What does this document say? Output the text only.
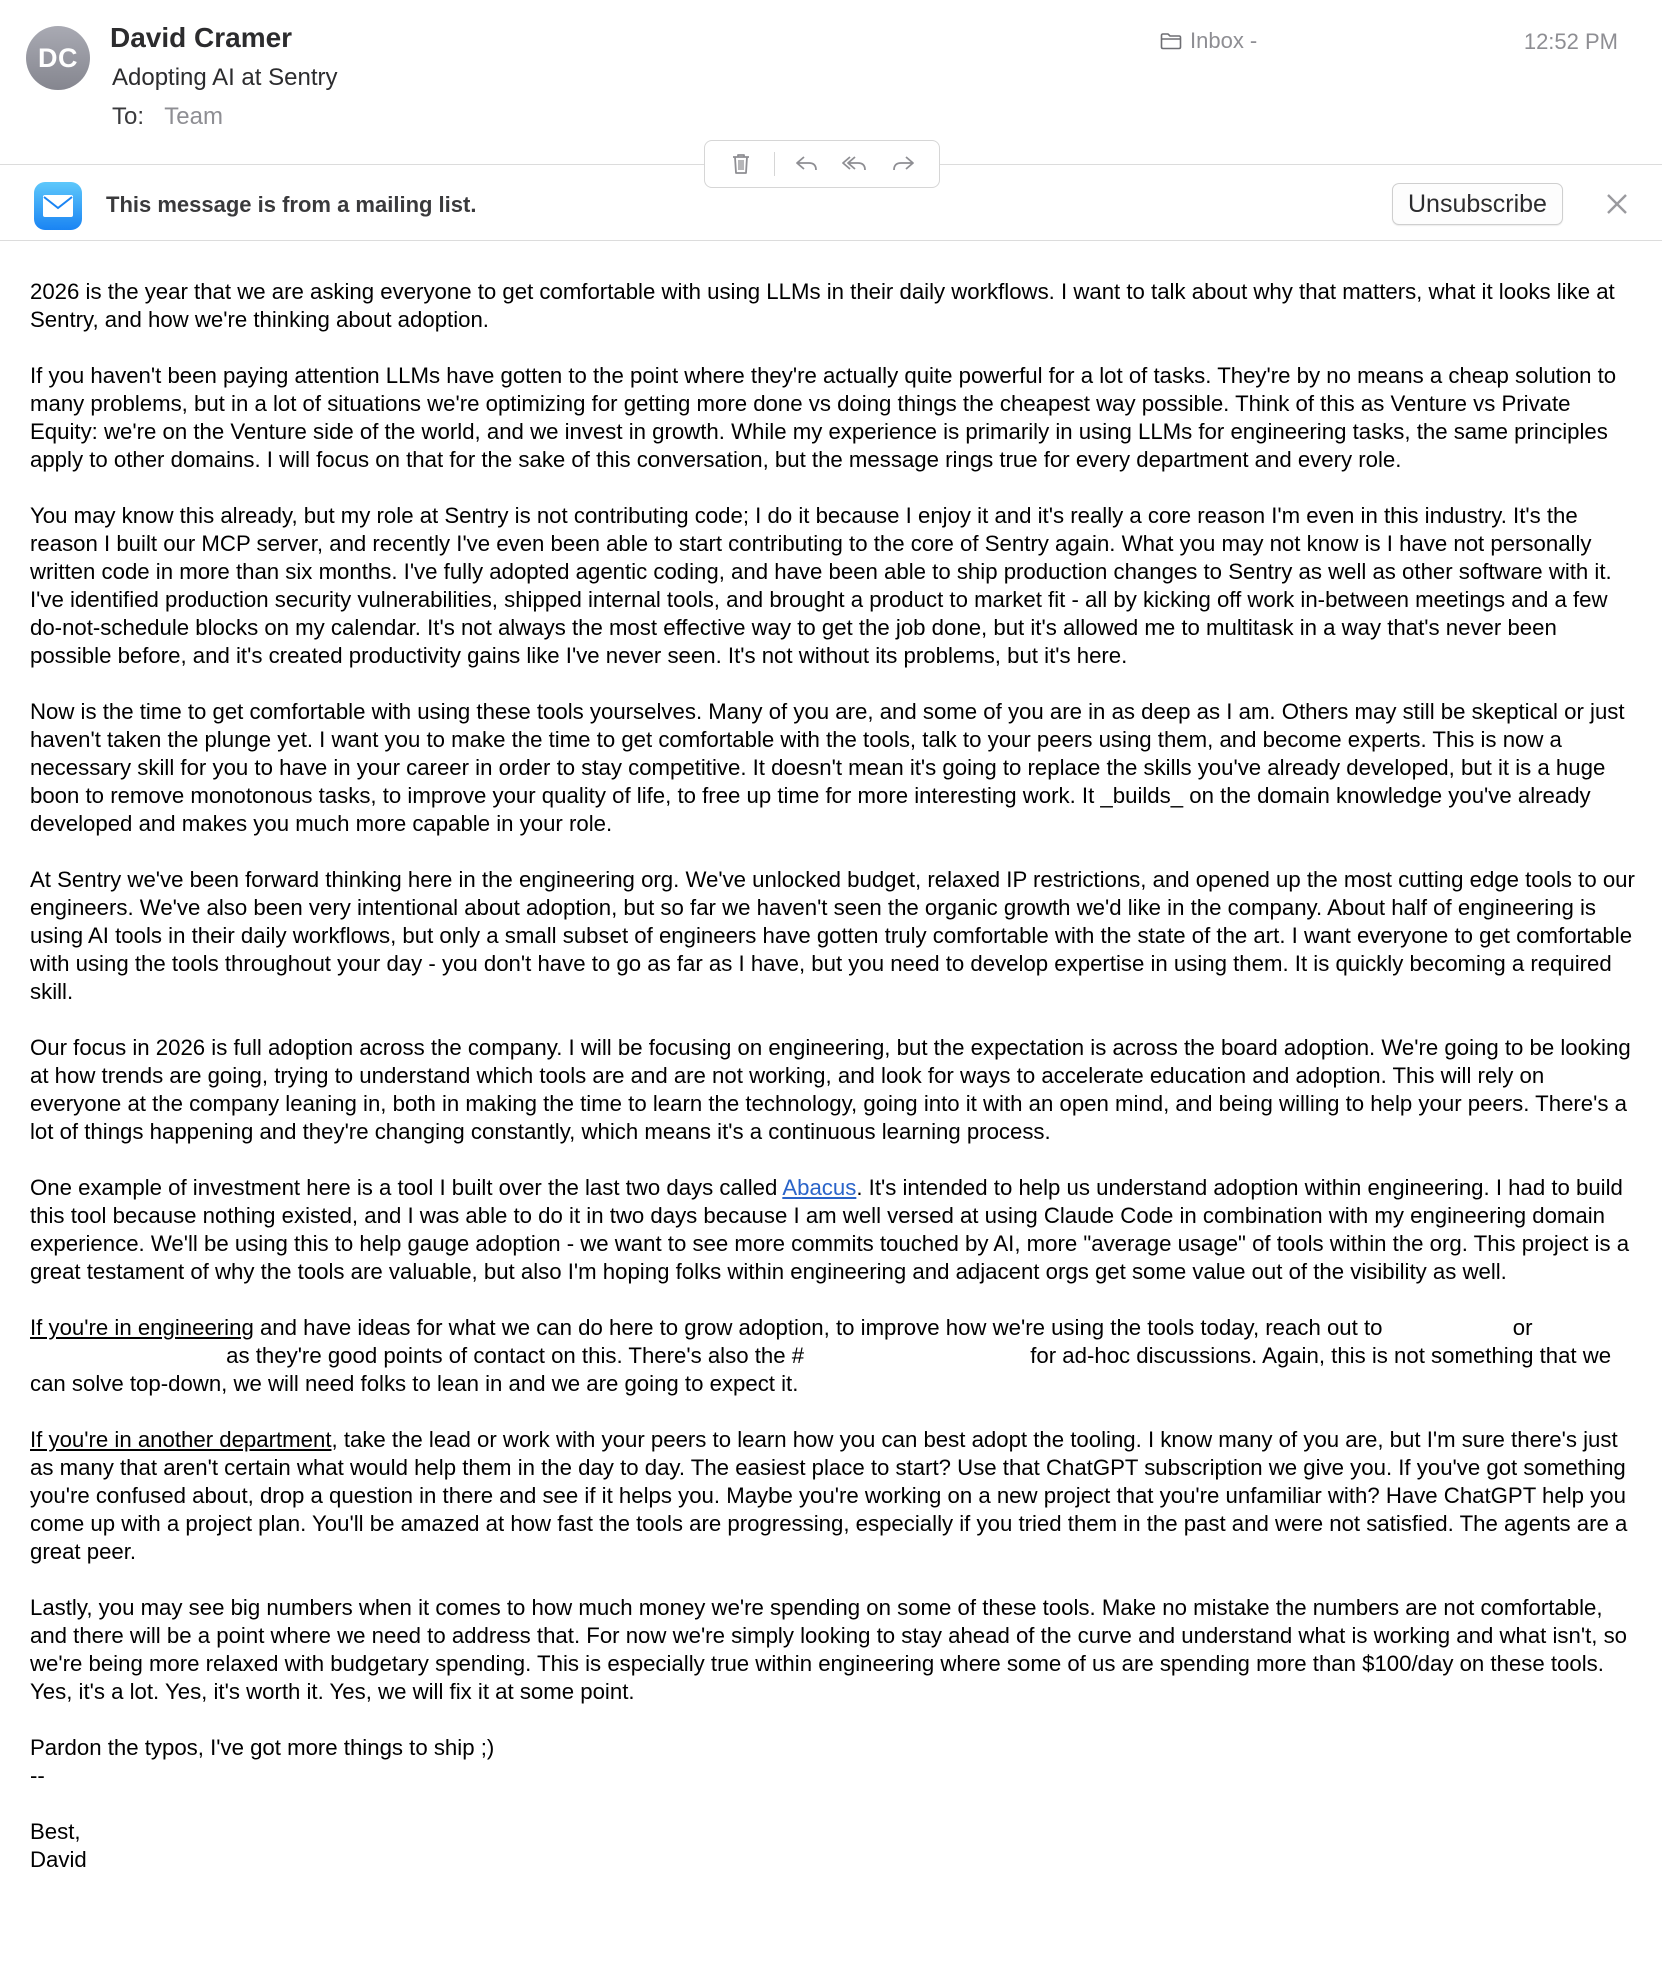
DC
David Cramer
Adopting AI at Sentry
To: Team
Inbox -	12:52 PM
This message is from a mailing list.	Unsubscribe

2026 is the year that we are asking everyone to get comfortable with using LLMs in their daily workflows. I want to talk about why that matters, what it looks like at Sentry, and how we're thinking about adoption.

If you haven't been paying attention LLMs have gotten to the point where they're actually quite powerful for a lot of tasks. They're by no means a cheap solution to many problems, but in a lot of situations we're optimizing for getting more done vs doing things the cheapest way possible. Think of this as Venture vs Private Equity: we're on the Venture side of the world, and we invest in growth. While my experience is primarily in using LLMs for engineering tasks, the same principles apply to other domains. I will focus on that for the sake of this conversation, but the message rings true for every department and every role.

You may know this already, but my role at Sentry is not contributing code; I do it because I enjoy it and it's really a core reason I'm even in this industry. It's the reason I built our MCP server, and recently I've even been able to start contributing to the core of Sentry again. What you may not know is I have not personally written code in more than six months. I've fully adopted agentic coding, and have been able to ship production changes to Sentry as well as other software with it. I've identified production security vulnerabilities, shipped internal tools, and brought a product to market fit - all by kicking off work in-between meetings and a few do-not-schedule blocks on my calendar. It's not always the most effective way to get the job done, but it's allowed me to multitask in a way that's never been possible before, and it's created productivity gains like I've never seen. It's not without its problems, but it's here.

Now is the time to get comfortable with using these tools yourselves. Many of you are, and some of you are in as deep as I am. Others may still be skeptical or just haven't taken the plunge yet. I want you to make the time to get comfortable with the tools, talk to your peers using them, and become experts. This is now a necessary skill for you to have in your career in order to stay competitive. It doesn't mean it's going to replace the skills you've already developed, but it is a huge boon to remove monotonous tasks, to improve your quality of life, to free up time for more interesting work. It _builds_ on the domain knowledge you've already developed and makes you much more capable in your role.

At Sentry we've been forward thinking here in the engineering org. We've unlocked budget, relaxed IP restrictions, and opened up the most cutting edge tools to our engineers. We've also been very intentional about adoption, but so far we haven't seen the organic growth we'd like in the company. About half of engineering is using AI tools in their daily workflows, but only a small subset of engineers have gotten truly comfortable with the state of the art. I want everyone to get comfortable with using the tools throughout your day - you don't have to go as far as I have, but you need to develop expertise in using them. It is quickly becoming a required skill.

Our focus in 2026 is full adoption across the company. I will be focusing on engineering, but the expectation is across the board adoption. We're going to be looking at how trends are going, trying to understand which tools are and are not working, and look for ways to accelerate education and adoption. This will rely on everyone at the company leaning in, both in making the time to learn the technology, going into it with an open mind, and being willing to help your peers. There's a lot of things happening and they're changing constantly, which means it's a continuous learning process.

One example of investment here is a tool I built over the last two days called Abacus. It's intended to help us understand adoption within engineering. I had to build this tool because nothing existed, and I was able to do it in two days because I am well versed at using Claude Code in combination with my engineering domain experience. We'll be using this to help gauge adoption - we want to see more commits touched by AI, more "average usage" of tools within the org. This project is a great testament of why the tools are valuable, but also I'm hoping folks within engineering and adjacent orgs get some value out of the visibility as well.

If you're in engineering and have ideas for what we can do here to grow adoption, to improve how we're using the tools today, reach out to	or  as they're good points of contact on this. There's also the #	for ad-hoc discussions. Again, this is not something that we can solve top-down, we will need folks to lean in and we are going to expect it.

If you're in another department, take the lead or work with your peers to learn how you can best adopt the tooling. I know many of you are, but I'm sure there's just as many that aren't certain what would help them in the day to day. The easiest place to start? Use that ChatGPT subscription we give you. If you've got something you're confused about, drop a question in there and see if it helps you. Maybe you're working on a new project that you're unfamiliar with? Have ChatGPT help you come up with a project plan. You'll be amazed at how fast the tools are progressing, especially if you tried them in the past and were not satisfied. The agents are a great peer.

Lastly, you may see big numbers when it comes to how much money we're spending on some of these tools. Make no mistake the numbers are not comfortable, and there will be a point where we need to address that. For now we're simply looking to stay ahead of the curve and understand what is working and what isn't, so we're being more relaxed with budgetary spending. This is especially true within engineering where some of us are spending more than $100/day on these tools. Yes, it's a lot. Yes, it's worth it. Yes, we will fix it at some point.

Pardon the typos, I've got more things to ship ;)
--

Best,
David
